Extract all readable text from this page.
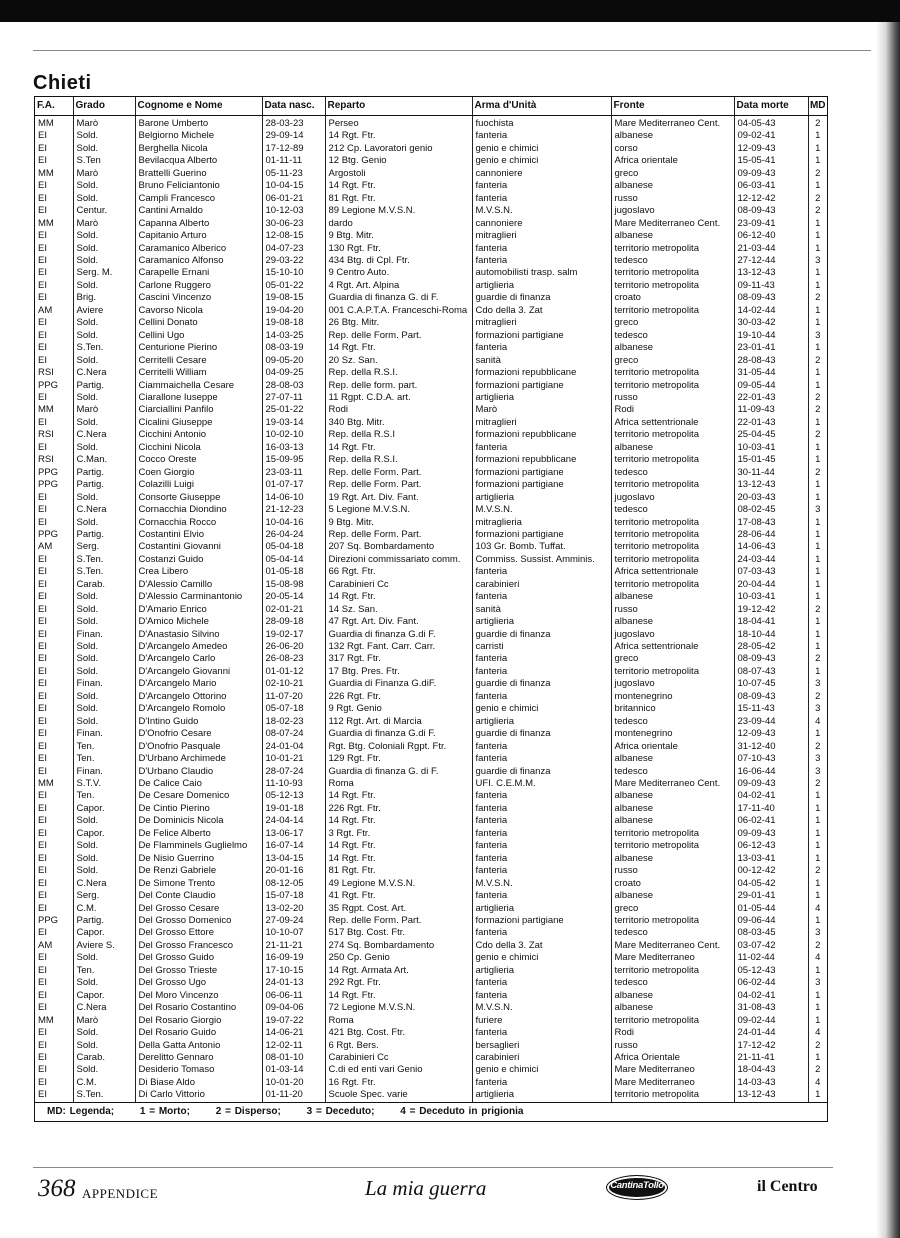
Chieti
F.A.	Grado	Cognome e Nome	Data nasc.	Reparto	Arma d'Unità	Fronte	Data morte	MD
MM	Marò	Barone Umberto	28-03-23	Perseo	fuochista	Mare Mediterraneo Cent.	04-05-43	2
EI	Sold.	Belgiorno Michele	29-09-14	14 Rgt. Ftr.	fanteria	albanese	09-02-41	1
EI	Sold.	Berghella Nicola	17-12-89	212 Cp. Lavoratori genio	genio e chimici	corso	12-09-43	1
EI	S.Ten	Bevilacqua Alberto	01-11-11	12 Btg. Genio	genio e chimici	Africa orientale	15-05-41	1
MM	Marò	Brattelli Guerino	05-11-23	Argostoli	cannoniere	greco	09-09-43	2
EI	Sold.	Bruno Feliciantonio	10-04-15	14 Rgt. Ftr.	fanteria	albanese	06-03-41	1
EI	Sold.	Campli Francesco	06-01-21	81 Rgt. Ftr.	fanteria	russo	12-12-42	2
EI	Centur.	Cantini Arnaldo	10-12-03	89 Legione M.V.S.N.	M.V.S.N.	jugoslavo	08-09-43	2
MM	Marò	Capanna Alberto	30-06-23	dardo	cannoniere	Mare Mediterraneo Cent.	23-09-41	1
EI	Sold.	Capitanio Arturo	12-08-15	9 Btg. Mitr.	mitraglieri	albanese	06-12-40	1
EI	Sold.	Caramanico Alberico	04-07-23	130 Rgt. Ftr.	fanteria	territorio metropolita	21-03-44	1
EI	Sold.	Caramanico Alfonso	29-03-22	434 Btg. di Cpl. Ftr.	fanteria	tedesco	27-12-44	3
EI	Serg. M.	Carapelle Ernani	15-10-10	9 Centro Auto.	automobilisti trasp. salm	territorio metropolita	13-12-43	1
EI	Sold.	Carlone Ruggero	05-01-22	4 Rgt. Art. Alpina	artiglieria	territorio metropolita	09-11-43	1
EI	Brig.	Cascini Vincenzo	19-08-15	Guardia di finanza G. di F.	guardie di finanza	croato	08-09-43	2
AM	Aviere	Cavorso Nicola	19-04-20	001 C.A.P.T.A. Franceschi-Roma	Cdo della 3. Zat	territorio metropolita	14-02-44	1
EI	Sold.	Cellini Donato	19-08-18	26 Btg. Mitr.	mitraglieri	greco	30-03-42	1
EI	Sold.	Cellini Ugo	14-03-25	Rep. delle Form. Part.	formazioni partigiane	tedesco	19-10-44	3
EI	S.Ten.	Centurione Pierino	08-03-19	14 Rgt. Ftr.	fanteria	albanese	23-01-41	1
EI	Sold.	Cerritelli Cesare	09-05-20	20 Sz. San.	sanità	greco	28-08-43	2
RSI	C.Nera	Cerritelli William	04-09-25	Rep. della R.S.I.	formazioni repubblicane	territorio metropolita	31-05-44	1
PPG	Partig.	Ciammaichella Cesare	28-08-03	Rep. delle form. part.	formazioni partigiane	territorio metropolita	09-05-44	1
EI	Sold.	Ciarallone Iuseppe	27-07-11	11 Rgpt. C.D.A. art.	artiglieria	russo	22-01-43	2
MM	Marò	Ciarciallini Panfilo	25-01-22	Rodi	Marò	Rodi	11-09-43	2
EI	Sold.	Cicalini Giuseppe	19-03-14	340 Btg. Mitr.	mitraglieri	Africa settentrionale	22-01-43	1
RSI	C.Nera	Cicchini Antonio	10-02-10	Rep. della R.S.I	formazioni repubblicane	territorio metropolita	25-04-45	2
EI	Sold.	Cicchini Nicola	16-03-13	14 Rgt. Ftr.	fanteria	albanese	10-03-41	1
RSI	C.Man.	Cocco Oreste	15-09-95	Rep. della R.S.I.	formazioni repubblicane	territorio metropolita	15-01-45	1
PPG	Partig.	Coen Giorgio	23-03-11	Rep. delle Form. Part.	formazioni partigiane	tedesco	30-11-44	2
PPG	Partig.	Colazilli Luigi	01-07-17	Rep. delle Form. Part.	formazioni partigiane	territorio metropolita	13-12-43	1
EI	Sold.	Consorte Giuseppe	14-06-10	19 Rgt. Art. Div. Fant.	artiglieria	jugoslavo	20-03-43	1
EI	C.Nera	Cornacchia Diondino	21-12-23	5 Legione M.V.S.N.	M.V.S.N.	tedesco	08-02-45	3
EI	Sold.	Cornacchia Rocco	10-04-16	9 Btg. Mitr.	mitraglieria	territorio metropolita	17-08-43	1
PPG	Partig.	Costantini Elvio	26-04-24	Rep. delle Form. Part.	formazioni partigiane	territorio metropolita	28-06-44	1
AM	Serg.	Costantini Giovanni	05-04-18	207 Sq. Bombardamento	103 Gr. Bomb. Tuffat.	territorio metropolita	14-06-43	1
EI	S.Ten.	Costanzi Guido	05-04-14	Direzioni commissariato comm.	Commiss. Sussist. Amminis.	territorio metropolita	24-03-44	1
EI	S.Ten.	Crea Libero	01-05-18	66 Rgt. Ftr.	fanteria	Africa settentrionale	07-03-43	1
EI	Carab.	D'Alessio Camillo	15-08-98	Carabinieri Cc	carabinieri	territorio metropolita	20-04-44	1
EI	Sold.	D'Alessio Carminantonio	20-05-14	14 Rgt. Ftr.	fanteria	albanese	10-03-41	1
EI	Sold.	D'Amario Enrico	02-01-21	14 Sz. San.	sanità	russo	19-12-42	2
EI	Sold.	D'Amico Michele	28-09-18	47 Rgt. Art. Div. Fant.	artiglieria	albanese	18-04-41	1
EI	Finan.	D'Anastasio Silvino	19-02-17	Guardia di finanza G.di F.	guardie di finanza	jugoslavo	18-10-44	1
EI	Sold.	D'Arcangelo Amedeo	26-06-20	132 Rgt. Fant. Carr. Carr.	carristi	Africa settentrionale	28-05-42	1
EI	Sold.	D'Arcangelo Carlo	26-08-23	317 Rgt. Ftr.	fanteria	greco	08-09-43	2
EI	Sold.	D'Arcangelo Giovanni	01-01-12	17 Btg. Pres. Ftr.	fanteria	territorio metropolita	08-07-43	1
EI	Finan.	D'Arcangelo Mario	02-10-21	Guardia di Finanza G.diF.	guardie di finanza	jugoslavo	10-07-45	3
EI	Sold.	D'Arcangelo Ottorino	11-07-20	226 Rgt. Ftr.	fanteria	montenegrino	08-09-43	2
EI	Sold.	D'Arcangelo Romolo	05-07-18	9 Rgt. Genio	genio e chimici	britannico	15-11-43	3
EI	Sold.	D'Intino Guido	18-02-23	112 Rgt. Art. di Marcia	artiglieria	tedesco	23-09-44	4
EI	Finan.	D'Onofrio Cesare	08-07-24	Guardia di finanza G.di F.	guardie di finanza	montenegrino	12-09-43	1
EI	Ten.	D'Onofrio Pasquale	24-01-04	Rgt. Btg. Coloniali Rgpt. Ftr.	fanteria	Africa orientale	31-12-40	2
EI	Ten.	D'Urbano Archimede	10-01-21	129 Rgt. Ftr.	fanteria	albanese	07-10-43	3
EI	Finan.	D'Urbano Claudio	28-07-24	Guardia di finanza G. di F.	guardie di finanza	tedesco	16-06-44	3
MM	S.T.V.	De Calice Caio	11-10-93	Roma	UFI. C.E.M.M.	Mare Mediterraneo Cent.	09-09-43	2
EI	Ten.	De Cesare Domenico	05-12-13	14 Rgt. Ftr.	fanteria	albanese	04-02-41	1
EI	Capor.	De Cintio Pierino	19-01-18	226 Rgt. Ftr.	fanteria	albanese	17-11-40	1
EI	Sold.	De Dominicis Nicola	24-04-14	14 Rgt. Ftr.	fanteria	albanese	06-02-41	1
EI	Capor.	De Felice Alberto	13-06-17	3 Rgt. Ftr.	fanteria	territorio metropolita	09-09-43	1
EI	Sold.	De Flamminels Guglielmo	16-07-14	14 Rgt. Ftr.	fanteria	territorio metropolita	06-12-43	1
EI	Sold.	De Nisio Guerrino	13-04-15	14 Rgt. Ftr.	fanteria	albanese	13-03-41	1
EI	Sold.	De Renzi Gabriele	20-01-16	81 Rgt. Ftr.	fanteria	russo	00-12-42	2
EI	C.Nera	De Simone Trento	08-12-05	49 Legione M.V.S.N.	M.V.S.N.	croato	04-05-42	1
EI	Serg.	Del Conte Claudio	15-07-18	41 Rgt. Ftr.	fanteria	albanese	29-01-41	1
EI	C.M.	Del Grosso Cesare	13-02-20	35 Rgpt. Cost. Art.	artiglieria	greco	01-05-44	4
PPG	Partig.	Del Grosso Domenico	27-09-24	Rep. delle Form. Part.	formazioni partigiane	territorio metropolita	09-06-44	1
EI	Capor.	Del Grosso Ettore	10-10-07	517 Btg. Cost. Ftr.	fanteria	tedesco	08-03-45	3
AM	Aviere S.	Del Grosso Francesco	21-11-21	274 Sq. Bombardamento	Cdo della 3. Zat	Mare Mediterraneo Cent.	03-07-42	2
EI	Sold.	Del Grosso Guido	16-09-19	250 Cp. Genio	genio e chimici	Mare Mediterraneo	11-02-44	4
EI	Ten.	Del Grosso Trieste	17-10-15	14 Rgt. Armata Art.	artiglieria	territorio metropolita	05-12-43	1
EI	Sold.	Del Grosso Ugo	24-01-13	292 Rgt. Ftr.	fanteria	tedesco	06-02-44	3
EI	Capor.	Del Moro Vincenzo	06-06-11	14 Rgt. Ftr.	fanteria	albanese	04-02-41	1
EI	C.Nera	Del Rosario Costantino	09-04-06	72 Legione M.V.S.N.	M.V.S.N.	albanese	31-08-43	1
MM	Marò	Del Rosario Giorgio	19-07-22	Roma	furiere	territorio metropolita	09-02-44	1
EI	Sold.	Del Rosario Guido	14-06-21	421 Btg. Cost. Ftr.	fanteria	Rodi	24-01-44	4
EI	Sold.	Della Gatta Antonio	12-02-11	6 Rgt. Bers.	bersaglieri	russo	17-12-42	2
EI	Carab.	Derelitto Gennaro	08-01-10	Carabinieri Cc	carabinieri	Africa Orientale	21-11-41	1
EI	Sold.	Desiderio Tomaso	01-03-14	C.di ed enti vari Genio	genio e chimici	Mare Mediterraneo	18-04-43	2
EI	C.M.	Di Biase Aldo	10-01-20	16 Rgt. Ftr.	fanteria	Mare Mediterraneo	14-03-43	4
EI	S.Ten.	Di Carlo Vittorio	01-11-20	Scuole Spec. varie	artiglieria	territorio metropolita	13-12-43	1
MD: Legenda;	1 = Morto;	2 = Disperso;	3 = Deceduto;	4 = Deceduto in prigionia
368 APPENDICE	La mia guerra	CantinaTollo	il Centro
